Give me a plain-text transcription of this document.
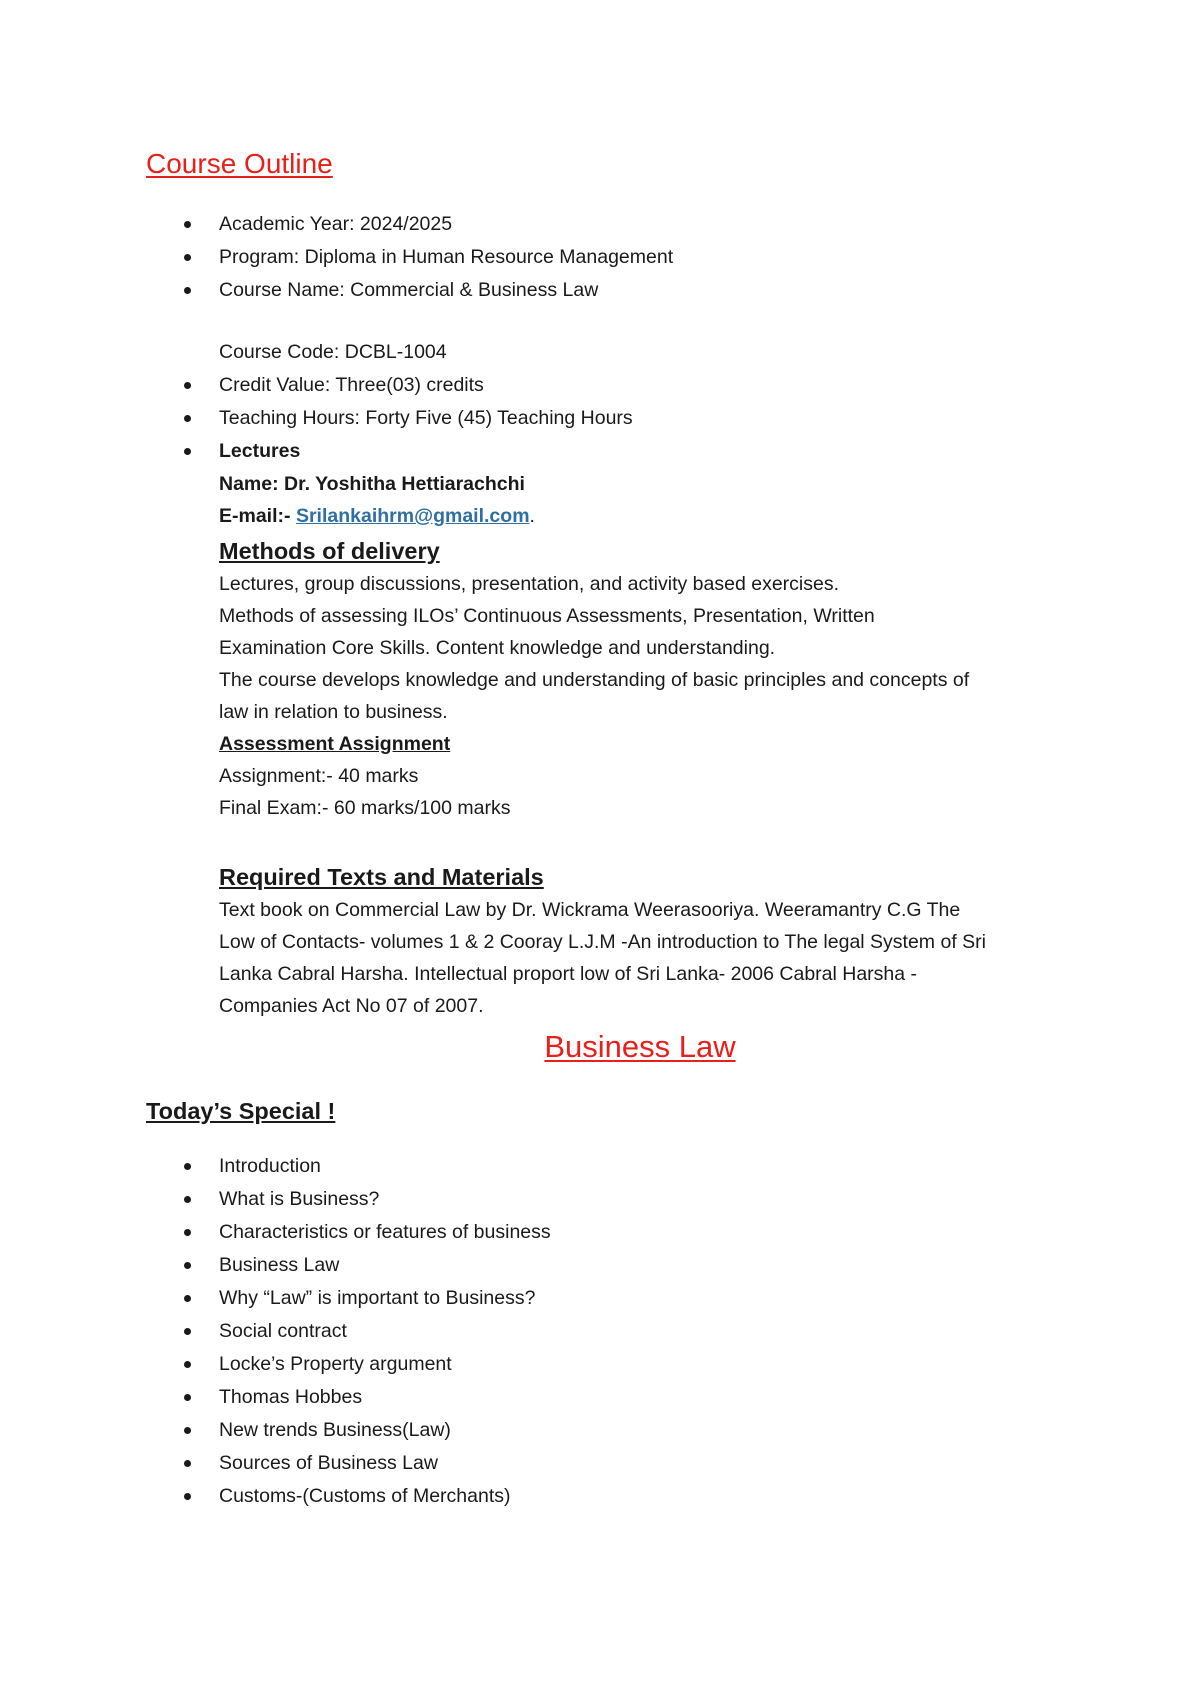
Course Outline
Academic Year: 2024/2025
Program: Diploma in Human Resource Management
Course Name: Commercial & Business Law
Course Code: DCBL-1004
Credit Value: Three(03) credits
Teaching Hours: Forty Five (45) Teaching Hours
Lectures
Name: Dr. Yoshitha Hettiarachchi
E-mail:- Srilankaihrm@gmail.com.
Methods of delivery
Lectures, group discussions, presentation, and activity based exercises.
Methods of assessing ILOs’ Continuous Assessments, Presentation, Written
Examination Core Skills. Content knowledge and understanding.
The course develops knowledge and understanding of basic principles and concepts of
law in relation to business.
Assessment Assignment
Assignment:- 40 marks
Final Exam:- 60 marks/100 marks
Required Texts and Materials
Text book on Commercial Law by Dr. Wickrama Weerasooriya. Weeramantry C.G The
Low of Contacts- volumes 1 & 2 Cooray L.J.M -An introduction to The legal System of Sri
Lanka Cabral Harsha. Intellectual proport low of Sri Lanka- 2006 Cabral Harsha -
Companies Act No 07 of 2007.
Business Law
Today’s Special !
Introduction
What is Business?
Characteristics or features of business
Business Law
Why “Law” is important to Business?
Social contract
Locke’s Property argument
Thomas Hobbes
New trends Business(Law)
Sources of Business Law
Customs-(Customs of Merchants)
